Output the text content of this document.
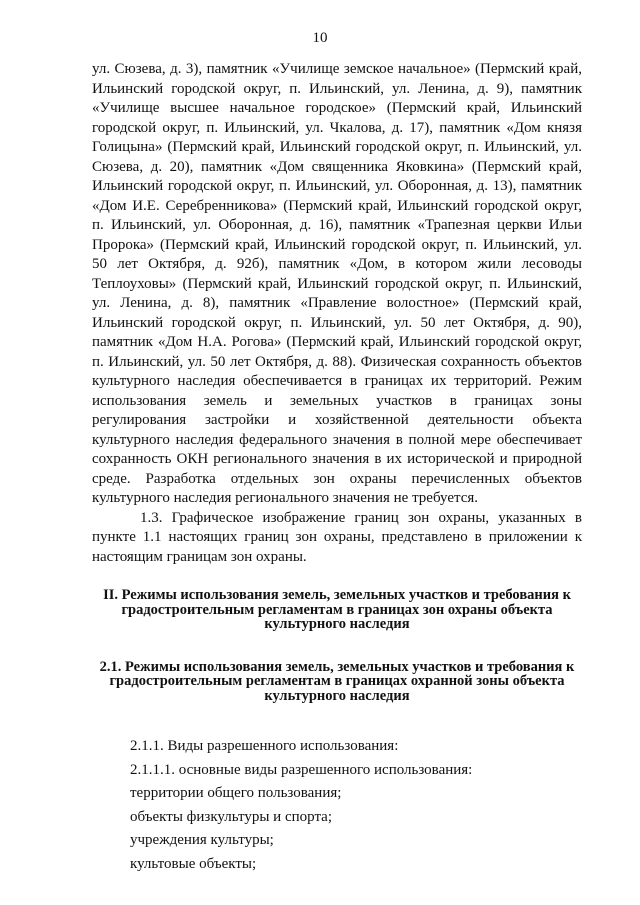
10

ул. Сюзева, д. 3), памятник «Училище земское начальное» (Пермский край, Ильинский городской округ, п. Ильинский, ул. Ленина, д. 9), памятник «Училище высшее начальное городское» (Пермский край, Ильинский городской округ, п. Ильинский, ул. Чкалова, д. 17), памятник «Дом князя Голицына» (Пермский край, Ильинский городской округ, п. Ильинский, ул. Сюзева, д. 20), памятник «Дом священника Яковкина» (Пермский край, Ильинский городской округ, п. Ильинский, ул. Оборонная, д. 13), памятник «Дом И.Е. Серебренникова» (Пермский край, Ильинский городской округ, п. Ильинский, ул. Оборонная, д. 16), памятник «Трапезная церкви Ильи Пророка» (Пермский край, Ильинский городской округ, п. Ильинский, ул. 50 лет Октября, д. 92б), памятник «Дом, в котором жили лесоводы Теплоуховы» (Пермский край, Ильинский городской округ, п. Ильинский, ул. Ленина, д. 8), памятник «Правление волостное» (Пермский край, Ильинский городской округ, п. Ильинский, ул. 50 лет Октября, д. 90), памятник «Дом Н.А. Рогова» (Пермский край, Ильинский городской округ, п. Ильинский, ул. 50 лет Октября, д. 88). Физическая сохранность объектов культурного наследия обеспечивается в границах их территорий. Режим использования земель и земельных участков в границах зоны регулирования застройки и хозяйственной деятельности объекта культурного наследия федерального значения в полной мере обеспечивает сохранность ОКН регионального значения в их исторической и природной среде. Разработка отдельных зон охраны перечисленных объектов культурного наследия регионального значения не требуется.

1.3. Графическое изображение границ зон охраны, указанных в пункте 1.1 настоящих границ зон охраны, представлено в приложении к настоящим границам зон охраны.

II. Режимы использования земель, земельных участков и требования к градостроительным регламентам в границах зон охраны объекта культурного наследия

2.1. Режимы использования земель, земельных участков и требования к градостроительным регламентам в границах охранной зоны объекта культурного наследия

2.1.1. Виды разрешенного использования:

2.1.1.1. основные виды разрешенного использования:

территории общего пользования;

объекты физкультуры и спорта;

учреждения культуры;

культовые объекты;
